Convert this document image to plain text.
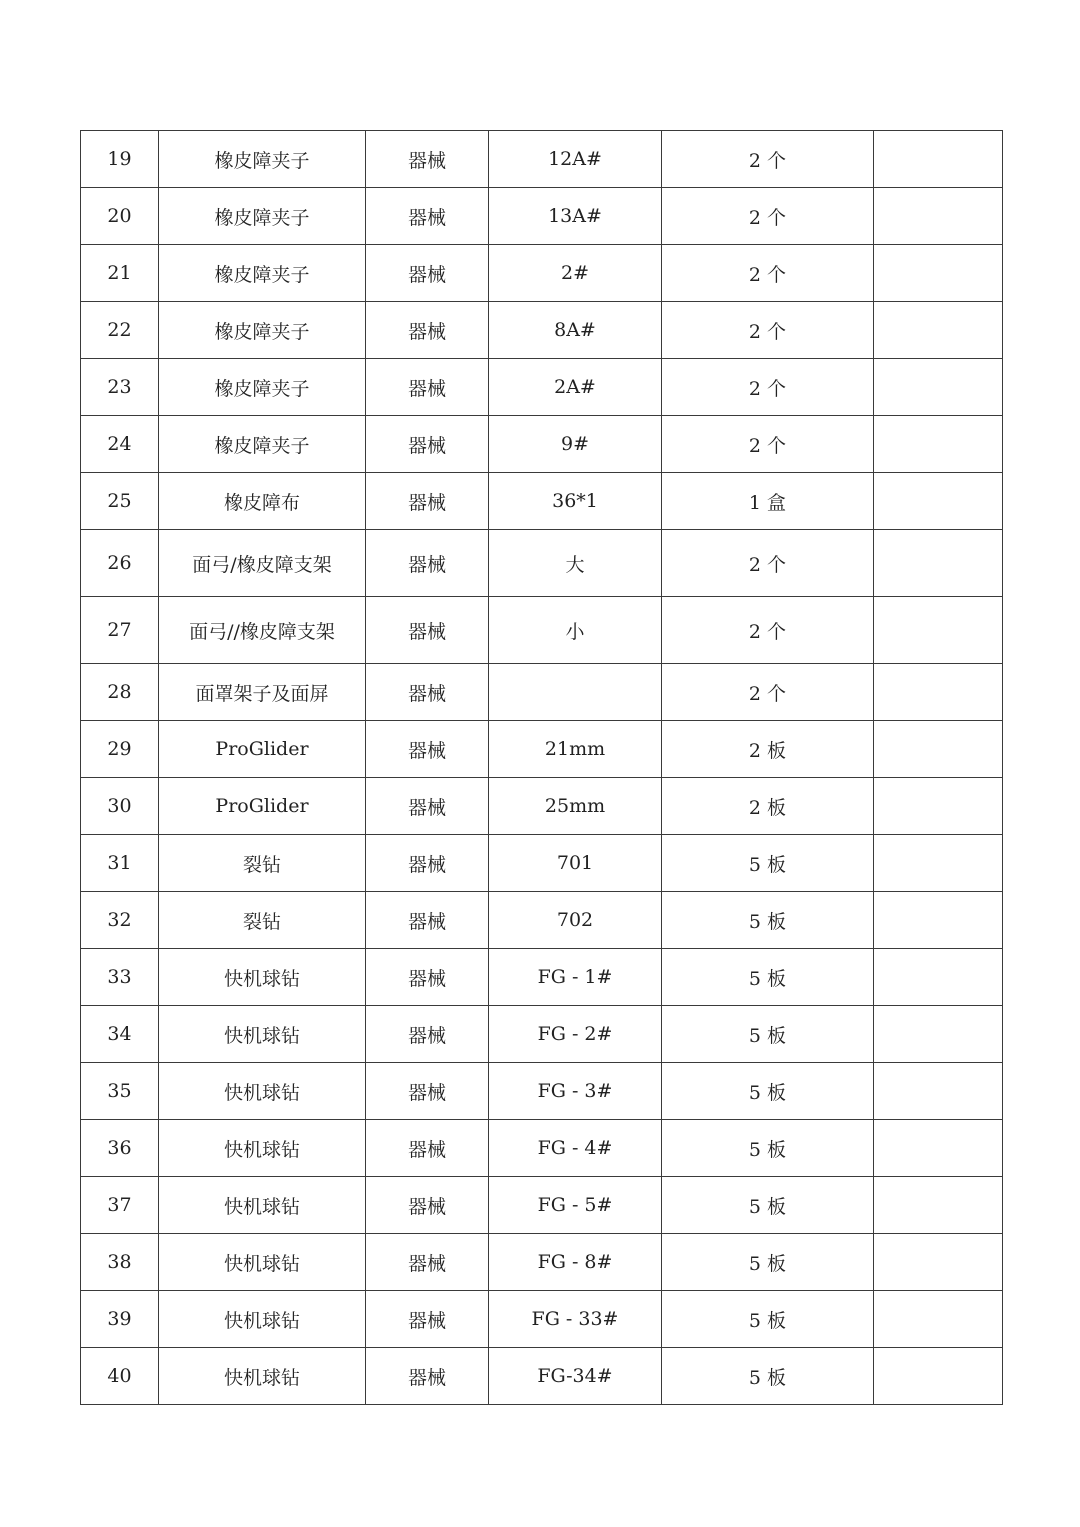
19	橡皮障夹子	器械	12A#	2 个	
20	橡皮障夹子	器械	13A#	2 个	
21	橡皮障夹子	器械	2#	2 个	
22	橡皮障夹子	器械	8A#	2 个	
23	橡皮障夹子	器械	2A#	2 个	
24	橡皮障夹子	器械	9#	2 个	
25	橡皮障布	器械	36*1	1 盒	
26	面弓/橡皮障支架	器械	大	2 个	
27	面弓//橡皮障支架	器械	小	2 个	
28	面罩架子及面屏	器械		2 个	
29	ProGlider	器械	21mm	2 板	
30	ProGlider	器械	25mm	2 板	
31	裂钻	器械	701	5 板	
32	裂钻	器械	702	5 板	
33	快机球钻	器械	FG - 1#	5 板	
34	快机球钻	器械	FG - 2#	5 板	
35	快机球钻	器械	FG - 3#	5 板	
36	快机球钻	器械	FG - 4#	5 板	
37	快机球钻	器械	FG - 5#	5 板	
38	快机球钻	器械	FG - 8#	5 板	
39	快机球钻	器械	FG - 33#	5 板	
40	快机球钻	器械	FG-34#	5 板	
